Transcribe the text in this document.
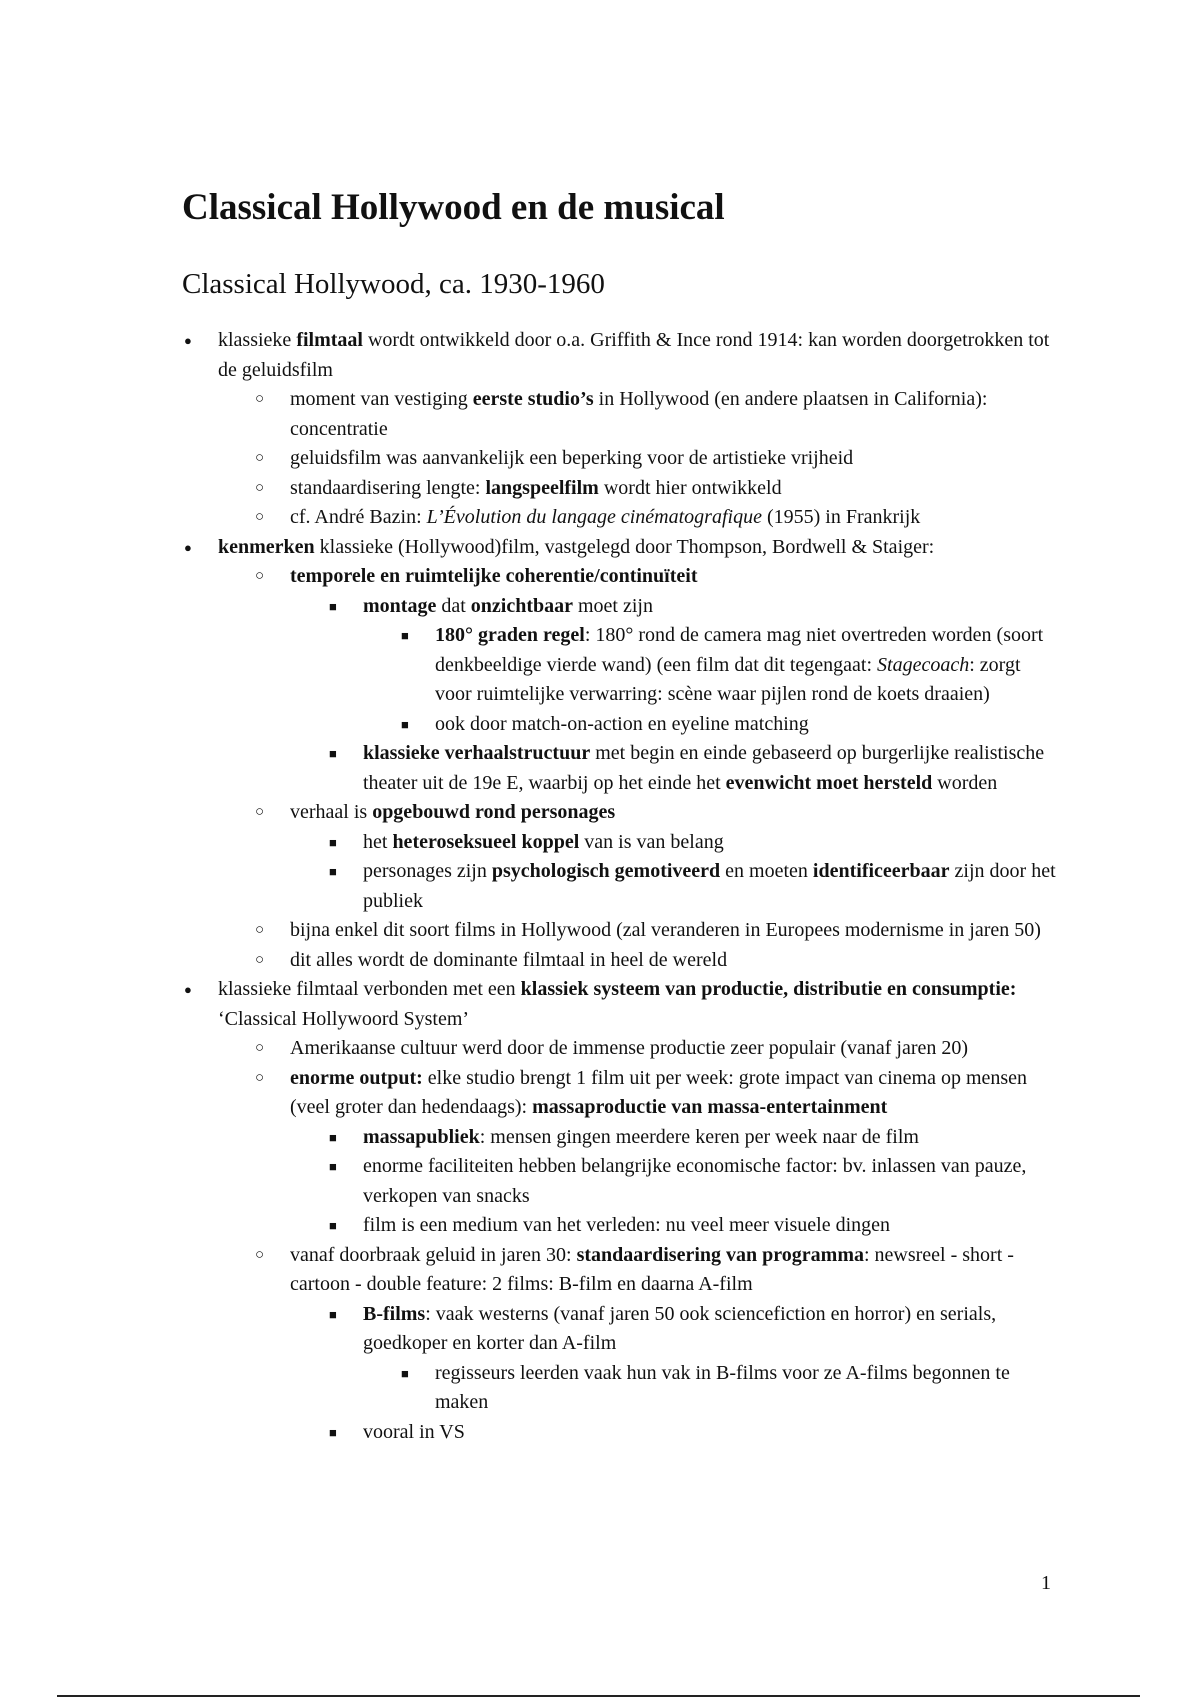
Classical Hollywood en de musical
Classical Hollywood, ca. 1930-1960
● klassieke filmtaal wordt ontwikkeld door o.a. Griffith & Ince rond 1914: kan worden doorgetrokken tot de geluidsfilm
○ moment van vestiging eerste studio’s in Hollywood (en andere plaatsen in California): concentratie
○ geluidsfilm was aanvankelijk een beperking voor de artistieke vrijheid
○ standaardisering lengte: langspeelfilm wordt hier ontwikkeld
○ cf. André Bazin: L’Évolution du langage cinématografique (1955) in Frankrijk
● kenmerken klassieke (Hollywood)film, vastgelegd door Thompson, Bordwell & Staiger:
○ temporele en ruimtelijke coherentie/continuïteit
■ montage dat onzichtbaar moet zijn
■ 180° graden regel: 180° rond de camera mag niet overtreden worden (soort denkbeeldige vierde wand) (een film dat dit tegengaat: Stagecoach: zorgt voor ruimtelijke verwarring: scène waar pijlen rond de koets draaien)
■ ook door match-on-action en eyeline matching
■ klassieke verhaalstructuur met begin en einde gebaseerd op burgerlijke realistische theater uit de 19e E, waarbij op het einde het evenwicht moet hersteld worden
○ verhaal is opgebouwd rond personages
■ het heteroseksueel koppel van is van belang
■ personages zijn psychologisch gemotiveerd en moeten identificeerbaar zijn door het publiek
○ bijna enkel dit soort films in Hollywood (zal veranderen in Europees modernisme in jaren 50)
○ dit alles wordt de dominante filmtaal in heel de wereld
● klassieke filmtaal verbonden met een klassiek systeem van productie, distributie en consumptie: ‘Classical Hollywoord System’
○ Amerikaanse cultuur werd door de immense productie zeer populair (vanaf jaren 20)
○ enorme output: elke studio brengt 1 film uit per week: grote impact van cinema op mensen (veel groter dan hedendaags): massaproductie van massa-entertainment
■ massapubliek: mensen gingen meerdere keren per week naar de film
■ enorme faciliteiten hebben belangrijke economische factor: bv. inlassen van pauze, verkopen van snacks
■ film is een medium van het verleden: nu veel meer visuele dingen
○ vanaf doorbraak geluid in jaren 30: standaardisering van programma: newsreel - short - cartoon - double feature: 2 films: B-film en daarna A-film
■ B-films: vaak westerns (vanaf jaren 50 ook sciencefiction en horror) en serials, goedkoper en korter dan A-film
■ regisseurs leerden vaak hun vak in B-films voor ze A-films begonnen te maken
■ vooral in VS
1
